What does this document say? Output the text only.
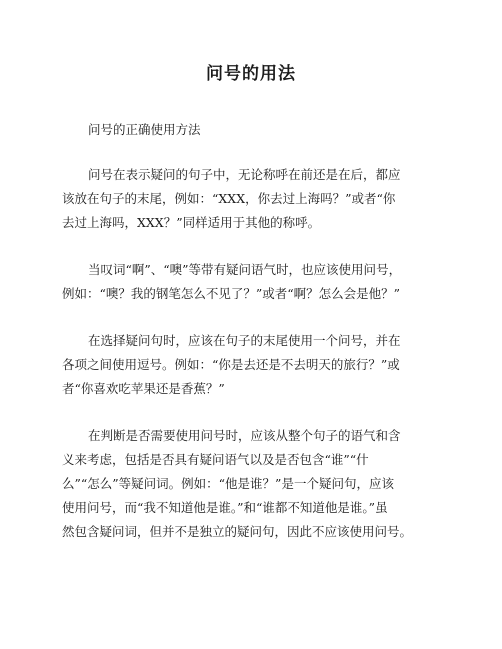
问号的用法

问号的正确使用方法

问号在表示疑问的句子中，无论称呼在前还是在后，都应
该放在句子的末尾，例如：“XXX，你去过上海吗？”或者“你
去过上海吗，XXX？”同样适用于其他的称呼。

当叹词“啊”、“噢”等带有疑问语气时，也应该使用问号，
例如：“噢？我的钢笔怎么不见了？”或者“啊？怎么会是他？”

在选择疑问句时，应该在句子的末尾使用一个问号，并在
各项之间使用逗号。例如：“你是去还是不去明天的旅行？”或
者“你喜欢吃苹果还是香蕉？”

在判断是否需要使用问号时，应该从整个句子的语气和含
义来考虑，包括是否具有疑问语气以及是否包含“谁”“什
么”“怎么”等疑问词。例如：“他是谁？”是一个疑问句，应该
使用问号，而“我不知道他是谁。”和“谁都不知道他是谁。”虽
然包含疑问词，但并不是独立的疑问句，因此不应该使用问号。
